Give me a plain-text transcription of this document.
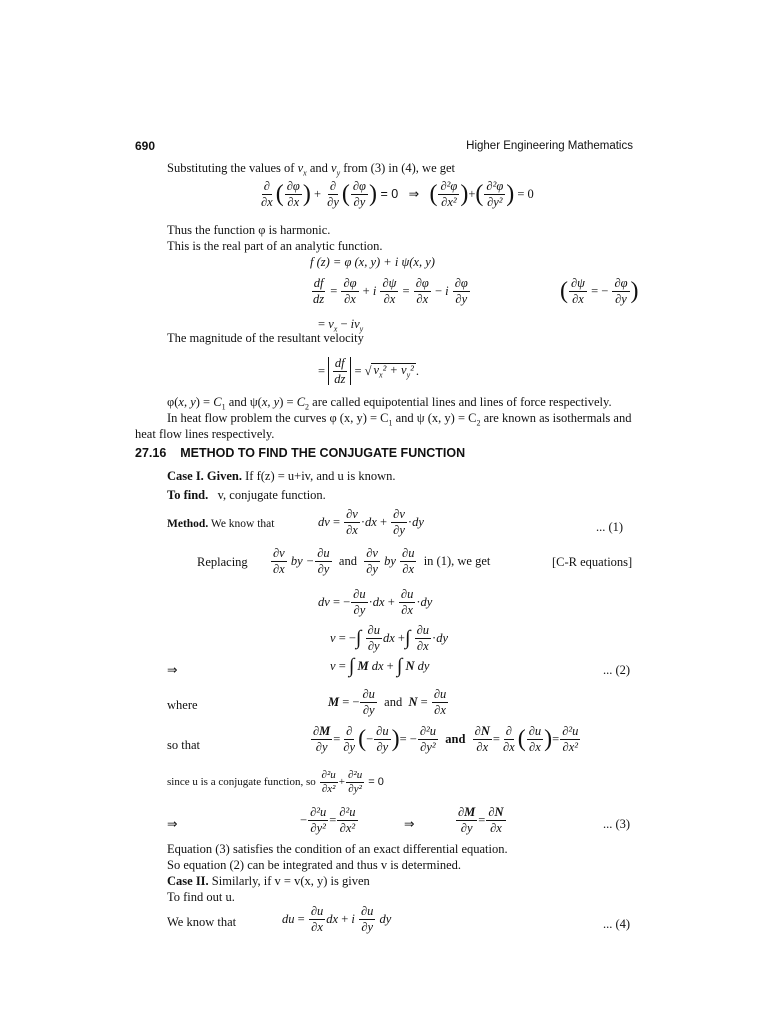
690	Higher Engineering Mathematics
Substituting the values of $v_x$ and $v_y$ from (3) in (4), we get
$\frac{\partial}{\partial x}$ ( $\frac{\partial\varphi}{\partial x}$ ) + $\frac{\partial}{\partial y}$ ( $\frac{\partial\varphi}{\partial y}$ ) = 0   ⇒ ( $\frac{\text{∂²φ}}{\text{∂x²}}$ ) + ( $\frac{\text{∂²φ}}{\text{∂y²}}$ ) = 0
Thus the function φ is harmonic.
This is the real part of an analytic function.
f (z) = φ (x, y) + i ψ(x, y)
$\frac{df}{dz} = \frac{\partial\varphi}{\partial x} + i \frac{\partial\psi}{\partial x} = \frac{\partial\varphi}{\partial x} - i \frac{\partial\varphi}{\partial y}$	( $\frac{\partial\psi}{\partial x}$ = − $\frac{\partial\varphi}{\partial y}$ )
= $v_x - iv_y$
The magnitude of the resultant velocity
= $\frac{df}{dz}$ = √ $v_x^2 + v_y^2$ .
φ(x, $y) = C_1$ and ψ(x, $y) = C_2$ are called equipotential lines and lines of force respectively.
In heat flow problem the curves φ (x, $y) = C_1$ and ψ (x, $y) = C_2$ are known as isothermals and
heat flow lines respectively.
27.16 METHOD TO FIND THE CONJUGATE FUNCTION
Case I. Given. If f(z) = u+iv, and u is known.
To find. v, conjugate function.
Method. We know that	dv = $\frac{\partial v}{\partial x} \cdot dx + \frac{\partial v}{\partial y} \cdot dy$	... (1)
Replacing $\frac{\partial v}{\partial x}$ by − $\frac{\partial u}{\partial y}$ and $\frac{\partial v}{\partial y}$ by $\frac{\partial u}{\partial x}$
in (1), we get	[C-R equations]
dv = − $\frac{\partial u}{\partial y} \cdot dx + \frac{\partial u}{\partial x} \cdot dy$
v = − ∫
$\frac{\partial u}{\partial y}$ dx + ∫
$\frac{\partial u}{\partial x} \cdot dy$
⇒	v = ∫ M dx + ∫ N dy	... (2)
where	M = − $\frac{\partial u}{\partial y}$ and $N = \frac{\partial u}{\partial x}$
so that	$\frac{\partial M}{\partial y} = \frac{\partial}{\partial y}$ ( − $\frac{\partial u}{\partial y}$ ) = − $\frac{\text{∂²u}}{\text{∂y²}}$ and $\frac{\partial N}{\partial x} = \frac{\partial}{\partial x}$ ( $\frac{\partial u}{\partial x}$ ) = $\frac{\text{∂²u}}{\text{∂x²}}$
since u is a conjugate function, so
$\frac{\text{∂²u}}{\text{∂x²}} + \frac{\text{∂²u}}{\text{∂y²}} = 0$
⇒	− $\frac{\text{∂²u}}{\text{∂y²}} = \frac{\text{∂²u}}{\text{∂x²}}$	⇒	$\frac{\partial M}{\partial y} = \frac{\partial N}{\partial x}$	... (3)
Equation (3) satisfies the condition of an exact differential equation.
So equation (2) can be integrated and thus v is determined.
Case II. Similarly, if v = v(x, y) is given
To find out u.
We know that	du = $\frac{\partial u}{\partial x}$ dx + i $\frac{\partial u}{\partial y}$ dy	... (4)
